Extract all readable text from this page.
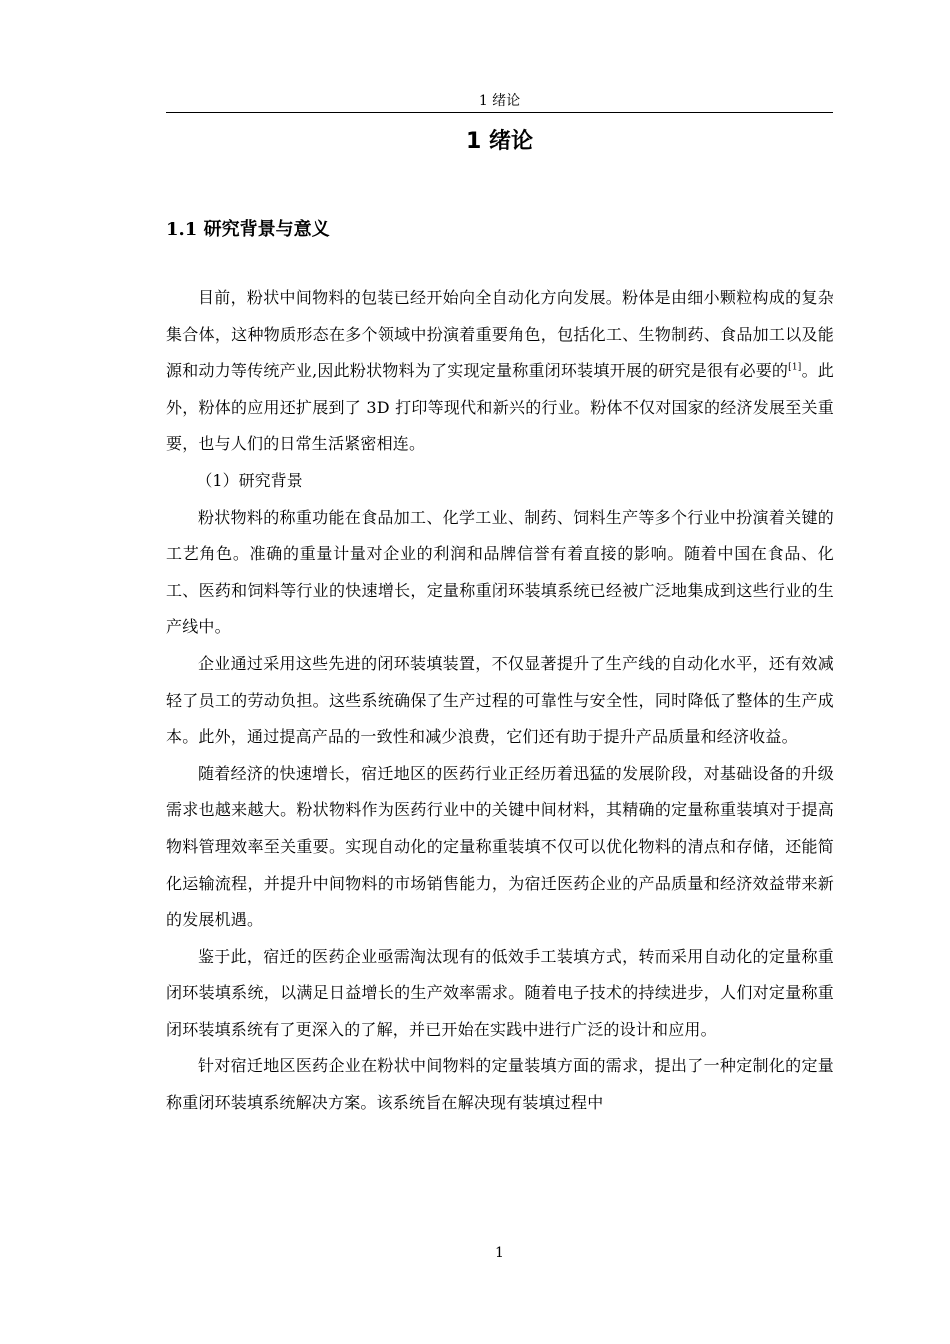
1 绪论
1 绪论
1.1 研究背景与意义

目前，粉状中间物料的包装已经开始向全自动化方向发展。粉体是由细小颗粒构成的复杂集合体，这种物质形态在多个领域中扮演着重要角色，包括化工、生物制药、食品加工以及能源和动力等传统产业,因此粉状物料为了实现定量称重闭环装填开展的研究是很有必要的[1]。此外，粉体的应用还扩展到了 3D 打印等现代和新兴的行业。粉体不仅对国家的经济发展至关重要，也与人们的日常生活紧密相连。

（1）研究背景

粉状物料的称重功能在食品加工、化学工业、制药、饲料生产等多个行业中扮演着关键的工艺角色。准确的重量计量对企业的利润和品牌信誉有着直接的影响。随着中国在食品、化工、医药和饲料等行业的快速增长，定量称重闭环装填系统已经被广泛地集成到这些行业的生产线中。

企业通过采用这些先进的闭环装填装置，不仅显著提升了生产线的自动化水平，还有效减轻了员工的劳动负担。这些系统确保了生产过程的可靠性与安全性，同时降低了整体的生产成本。此外，通过提高产品的一致性和减少浪费，它们还有助于提升产品质量和经济收益。

随着经济的快速增长，宿迁地区的医药行业正经历着迅猛的发展阶段，对基础设备的升级需求也越来越大。粉状物料作为医药行业中的关键中间材料，其精确的定量称重装填对于提高物料管理效率至关重要。实现自动化的定量称重装填不仅可以优化物料的清点和存储，还能简化运输流程，并提升中间物料的市场销售能力，为宿迁医药企业的产品质量和经济效益带来新的发展机遇。

鉴于此，宿迁的医药企业亟需淘汰现有的低效手工装填方式，转而采用自动化的定量称重闭环装填系统，以满足日益增长的生产效率需求。随着电子技术的持续进步，人们对定量称重闭环装填系统有了更深入的了解，并已开始在实践中进行广泛的设计和应用。

针对宿迁地区医药企业在粉状中间物料的定量装填方面的需求，提出了一种定制化的定量称重闭环装填系统解决方案。该系统旨在解决现有装填过程中

1
